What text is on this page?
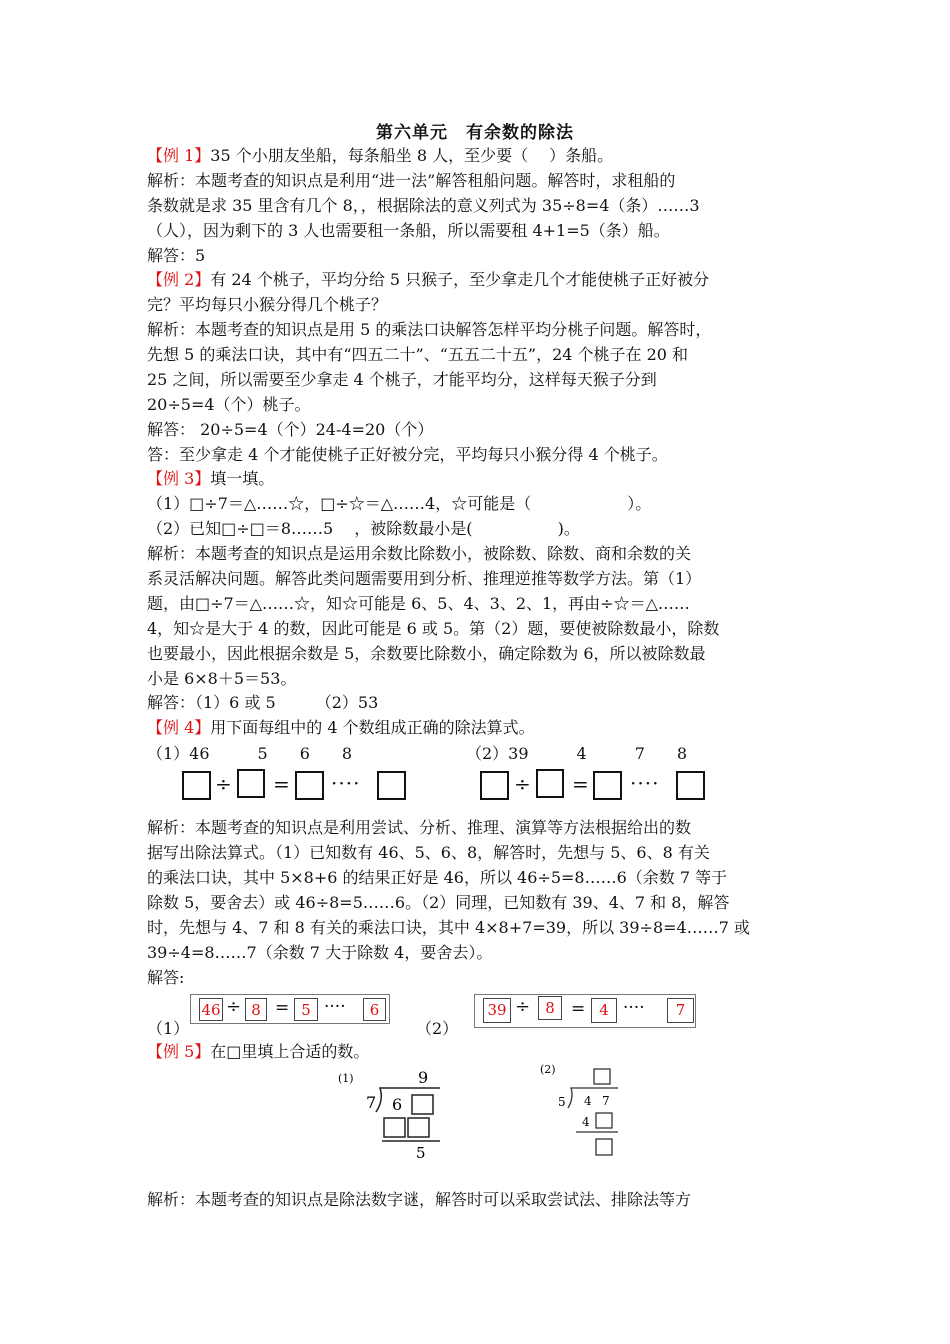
第六单元　有余数的除法
【例 1】35 个小朋友坐船，每条船坐 8 人，至少要（　 ）条船。
解析：本题考查的知识点是利用“进一法”解答租船问题。解答时，求租船的
条数就是求 35 里含有几个 8，，根据除法的意义列式为 35÷8=4（条）……3
（人），因为剩下的 3 人也需要租一条船，所以需要租 4+1=5（条）船。
解答：5
【例 2】有 24 个桃子，平均分给 5 只猴子，至少拿走几个才能使桃子正好被分
完？平均每只小猴分得几个桃子？
解析：本题考查的知识点是用 5 的乘法口诀解答怎样平均分桃子问题。解答时，
先想 5 的乘法口诀，其中有“四五二十”、“五五二十五”，24 个桃子在 20 和
25 之间，所以需要至少拿走 4 个桃子，才能平均分，这样每天猴子分到
20÷5=4（个）桃子。
解答： 20÷5=4（个）24-4=20（个）
答：至少拿走 4 个才能使桃子正好被分完，平均每只小猴分得 4 个桃子。
【例 3】填一填。
（1）□÷7＝△……☆，□÷☆＝△……4，☆可能是（　　　　　　）。
（2）已知□÷□＝8……5　 ，被除数最小是(　　　　　 )。
解析：本题考查的知识点是运用余数比除数小，被除数、除数、商和余数的关
系灵活解决问题。解答此类问题需要用到分析、推理逆推等数学方法。第（1）
题，由□÷7＝△……☆，知☆可能是 6、5、4、3、2、1，再由÷☆＝△……
4，知☆是大于 4 的数，因此可能是 6 或 5。第（2）题，要使被除数最小，除数
也要最小，因此根据余数是 5，余数要比除数小，确定除数为 6，所以被除数最
小是 6×8＋5＝53。
解答：（1）6 或 5　　　（2）53
【例 4】用下面每组中的 4 个数组成正确的除法算式。
（1）46　　　5　　6　　8	（2）39　　　4　　　7　　8
÷ = ····	÷ = ····
解析：本题考查的知识点是利用尝试、分析、推理、演算等方法根据给出的数
据写出除法算式。（1）已知数有 46、5、6、8，解答时，先想与 5、6、8 有关
的乘法口诀，其中 5×8+6 的结果正好是 46，所以 46÷5=8……6（余数 7 等于
除数 5，要舍去）或 46÷8=5……6。（2）同理，已知数有 39、4、7 和 8，解答
时，先想与 4、7 和 8 有关的乘法口诀，其中 4×8+7=39，所以 39÷8=4……7 或
39÷4=8……7（余数 7 大于除数 4，要舍去）。
解答:
（1）
46 ÷ 8 = 5 ····	6
（2）
39 ÷	8 = 4 ····	7
【例 5】在□里填上合适的数。
(1)	9
7 6
5
(2)
5 4 7
4
解析：本题考查的知识点是除法数字谜，解答时可以采取尝试法、排除法等方
